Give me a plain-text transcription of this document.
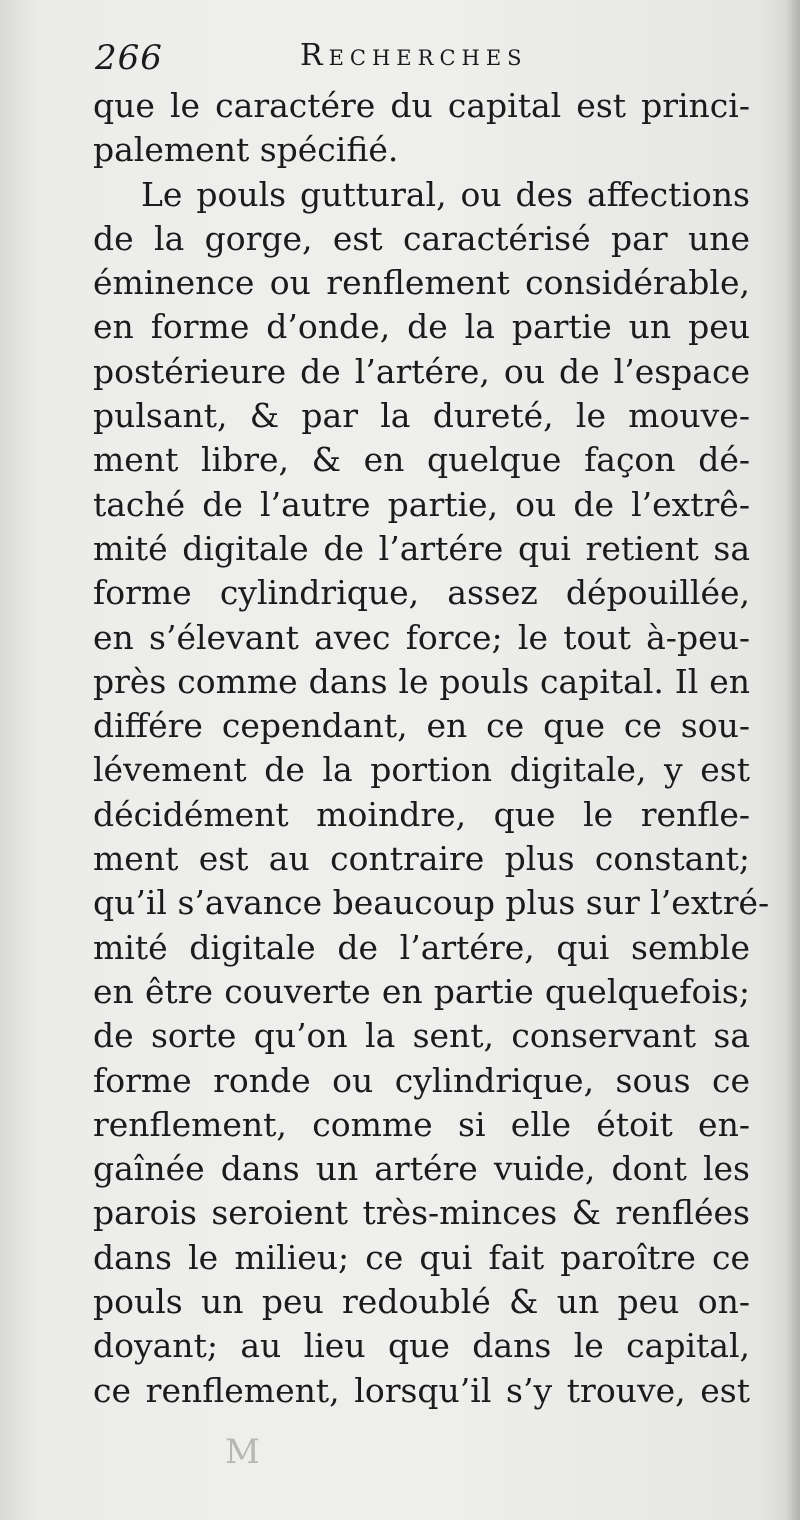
266	Recherches
que le caractére du capital est princi-
palement spécifié.
Le pouls guttural, ou des affections
de la gorge, est caractérisé par une
éminence ou renflement considérable,
en forme d’onde, de la partie un peu
postérieure de l’artére, ou de l’espace
pulsant, & par la dureté, le mouve-
ment libre, & en quelque façon dé-
taché de l’autre partie, ou de l’extrê-
mité digitale de l’artére qui retient sa
forme cylindrique, assez dépouillée,
en s’élevant avec force; le tout à-peu-
près comme dans le pouls capital. Il en
différe cependant, en ce que ce sou-
lévement de la portion digitale, y est
décidément moindre, que le renfle-
ment est au contraire plus constant;
qu’il s’avance beaucoup plus sur l’extré-
mité digitale de l’artére, qui semble
en être couverte en partie quelquefois;
de sorte qu’on la sent, conservant sa
forme ronde ou cylindrique, sous ce
renflement, comme si elle étoit en-
gaînée dans un artére vuide, dont les
parois seroient très-minces & renflées
dans le milieu; ce qui fait paroître ce
pouls un peu redoublé & un peu on-
doyant; au lieu que dans le capital,
ce renflement, lorsqu’il s’y trouve, est
M
